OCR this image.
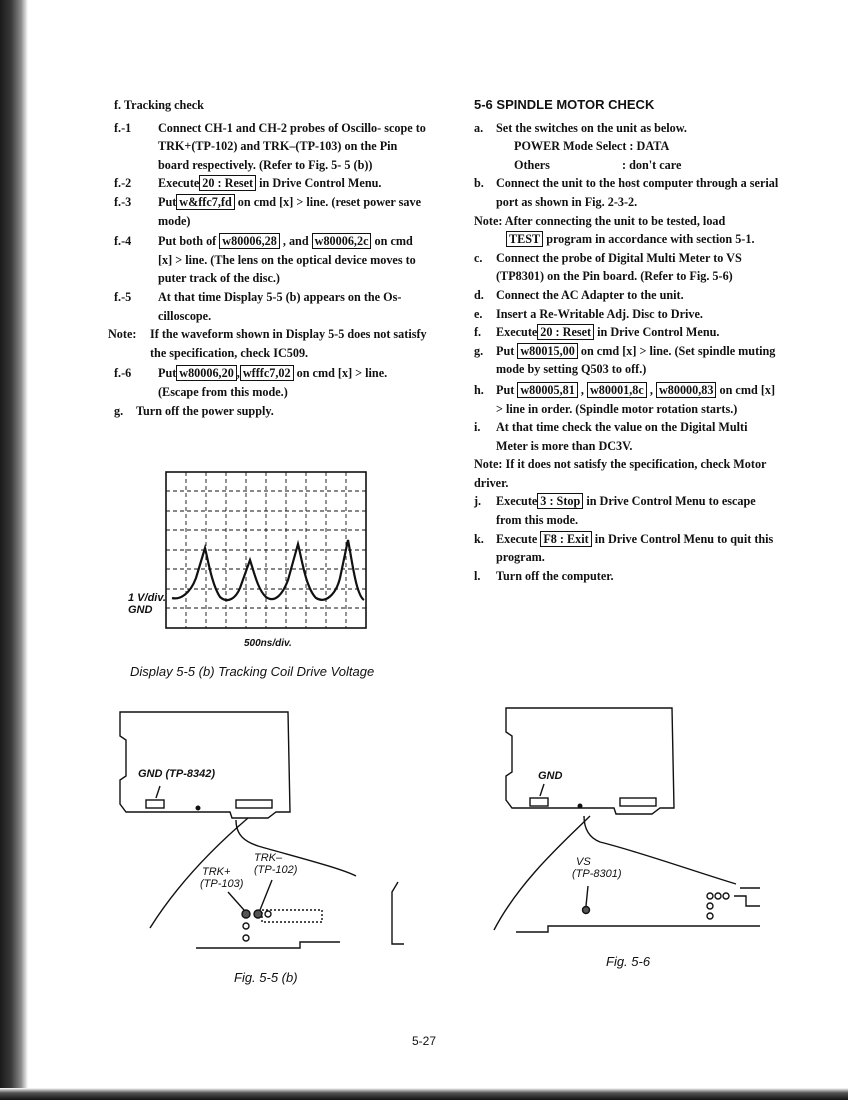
f. Tracking check
f.-1 Connect CH-1 and CH-2 probes of Oscillo- scope to TRK+(TP-102) and TRK–(TP-103) on the Pin board respectively. (Refer to Fig. 5- 5 (b))
f.-2 Execute 20 : Reset in Drive Control Menu.
f.-3 Put w&ffc7,fd on cmd [x] > line. (reset power save mode)
f.-4 Put both of w80006,28 , and w80006,2c on cmd [x] > line. (The lens on the optical device moves to puter track of the disc.)
f.-5 At that time Display 5-5 (b) appears on the Os- cilloscope.
Note: If the waveform shown in Display 5-5 does not satisfy the specification, check IC509.
f.-6 Put w80006,20 , wfffc7,02 on cmd [x] > line. (Escape from this mode.)
g. Turn off the power supply.
5-6 SPINDLE MOTOR CHECK
a. Set the switches on the unit as below.
POWER Mode Select : DATA
Others	: don't care
b. Connect the unit to the host computer through a serial port as shown in Fig. 2-3-2.
Note: After connecting the unit to be tested, load
TEST program in accordance with section 5-1.
c. Connect the probe of Digital Multi Meter to VS (TP8301) on the Pin board. (Refer to Fig. 5-6)
d. Connect the AC Adapter to the unit.
e. Insert a Re-Writable Adj. Disc to Drive.
f. Execute 20 : Reset in Drive Control Menu.
g. Put w80015,00 on cmd [x] > line. (Set spindle muting mode by setting Q503 to off.)
h. Put w80005,81 , w80001,8c , w80000,83 on cmd [x] > line in order. (Spindle motor rotation starts.)
i. At that time check the value on the Digital Multi Meter is more than DC3V.
Note: If it does not satisfy the specification, check Motor driver.
j. Execute 3 : Stop in Drive Control Menu to escape from this mode.
k. Execute F8 : Exit in Drive Control Menu to quit this program.
l. Turn off the computer.
1 V/div.
GND
500ns/div.
Display 5-5 (b) Tracking Coil Drive Voltage
GND (TP-8342)
TRK–
(TP-102)
TRK+
(TP-103)
Fig. 5-5 (b)
GND
VS
(TP-8301)
Fig. 5-6
5-27
